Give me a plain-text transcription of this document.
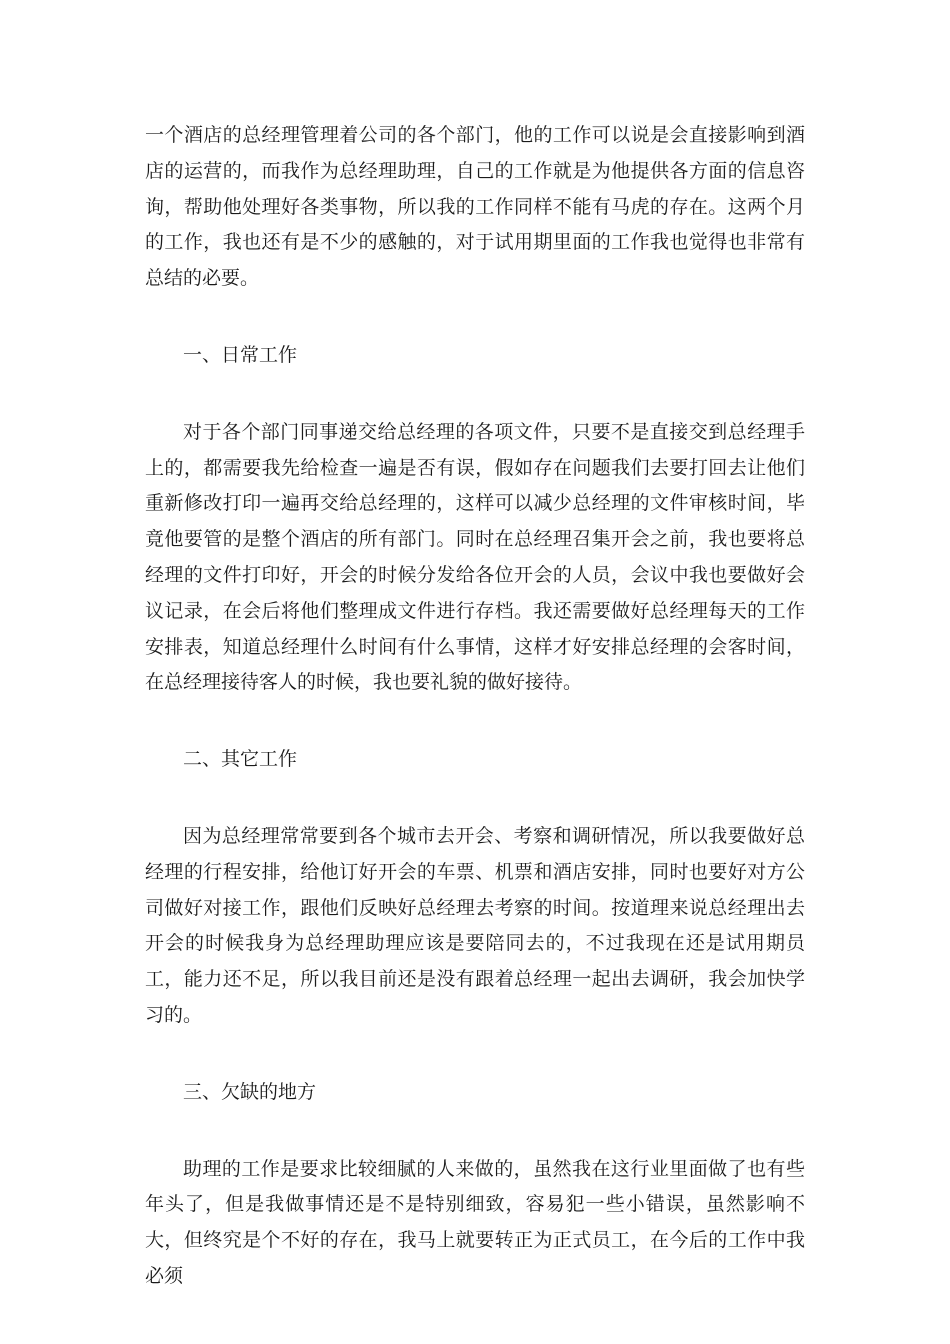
一个酒店的总经理管理着公司的各个部门，他的工作可以说是会直接影响到酒店的运营的，而我作为总经理助理，自己的工作就是为他提供各方面的信息咨询，帮助他处理好各类事物，所以我的工作同样不能有马虎的存在。这两个月的工作，我也还有是不少的感触的，对于试用期里面的工作我也觉得也非常有总结的必要。

一、日常工作

对于各个部门同事递交给总经理的各项文件，只要不是直接交到总经理手上的，都需要我先给检查一遍是否有误，假如存在问题我们去要打回去让他们重新修改打印一遍再交给总经理的，这样可以减少总经理的文件审核时间，毕竟他要管的是整个酒店的所有部门。同时在总经理召集开会之前，我也要将总经理的文件打印好，开会的时候分发给各位开会的人员，会议中我也要做好会议记录，在会后将他们整理成文件进行存档。我还需要做好总经理每天的工作安排表，知道总经理什么时间有什么事情，这样才好安排总经理的会客时间，在总经理接待客人的时候，我也要礼貌的做好接待。

二、其它工作

因为总经理常常要到各个城市去开会、考察和调研情况，所以我要做好总经理的行程安排，给他订好开会的车票、机票和酒店安排，同时也要好对方公司做好对接工作，跟他们反映好总经理去考察的时间。按道理来说总经理出去开会的时候我身为总经理助理应该是要陪同去的，不过我现在还是试用期员工，能力还不足，所以我目前还是没有跟着总经理一起出去调研，我会加快学习的。

三、欠缺的地方

助理的工作是要求比较细腻的人来做的，虽然我在这行业里面做了也有些年头了，但是我做事情还是不是特别细致，容易犯一些小错误，虽然影响不大，但终究是个不好的存在，我马上就要转正为正式员工，在今后的工作中我必须
